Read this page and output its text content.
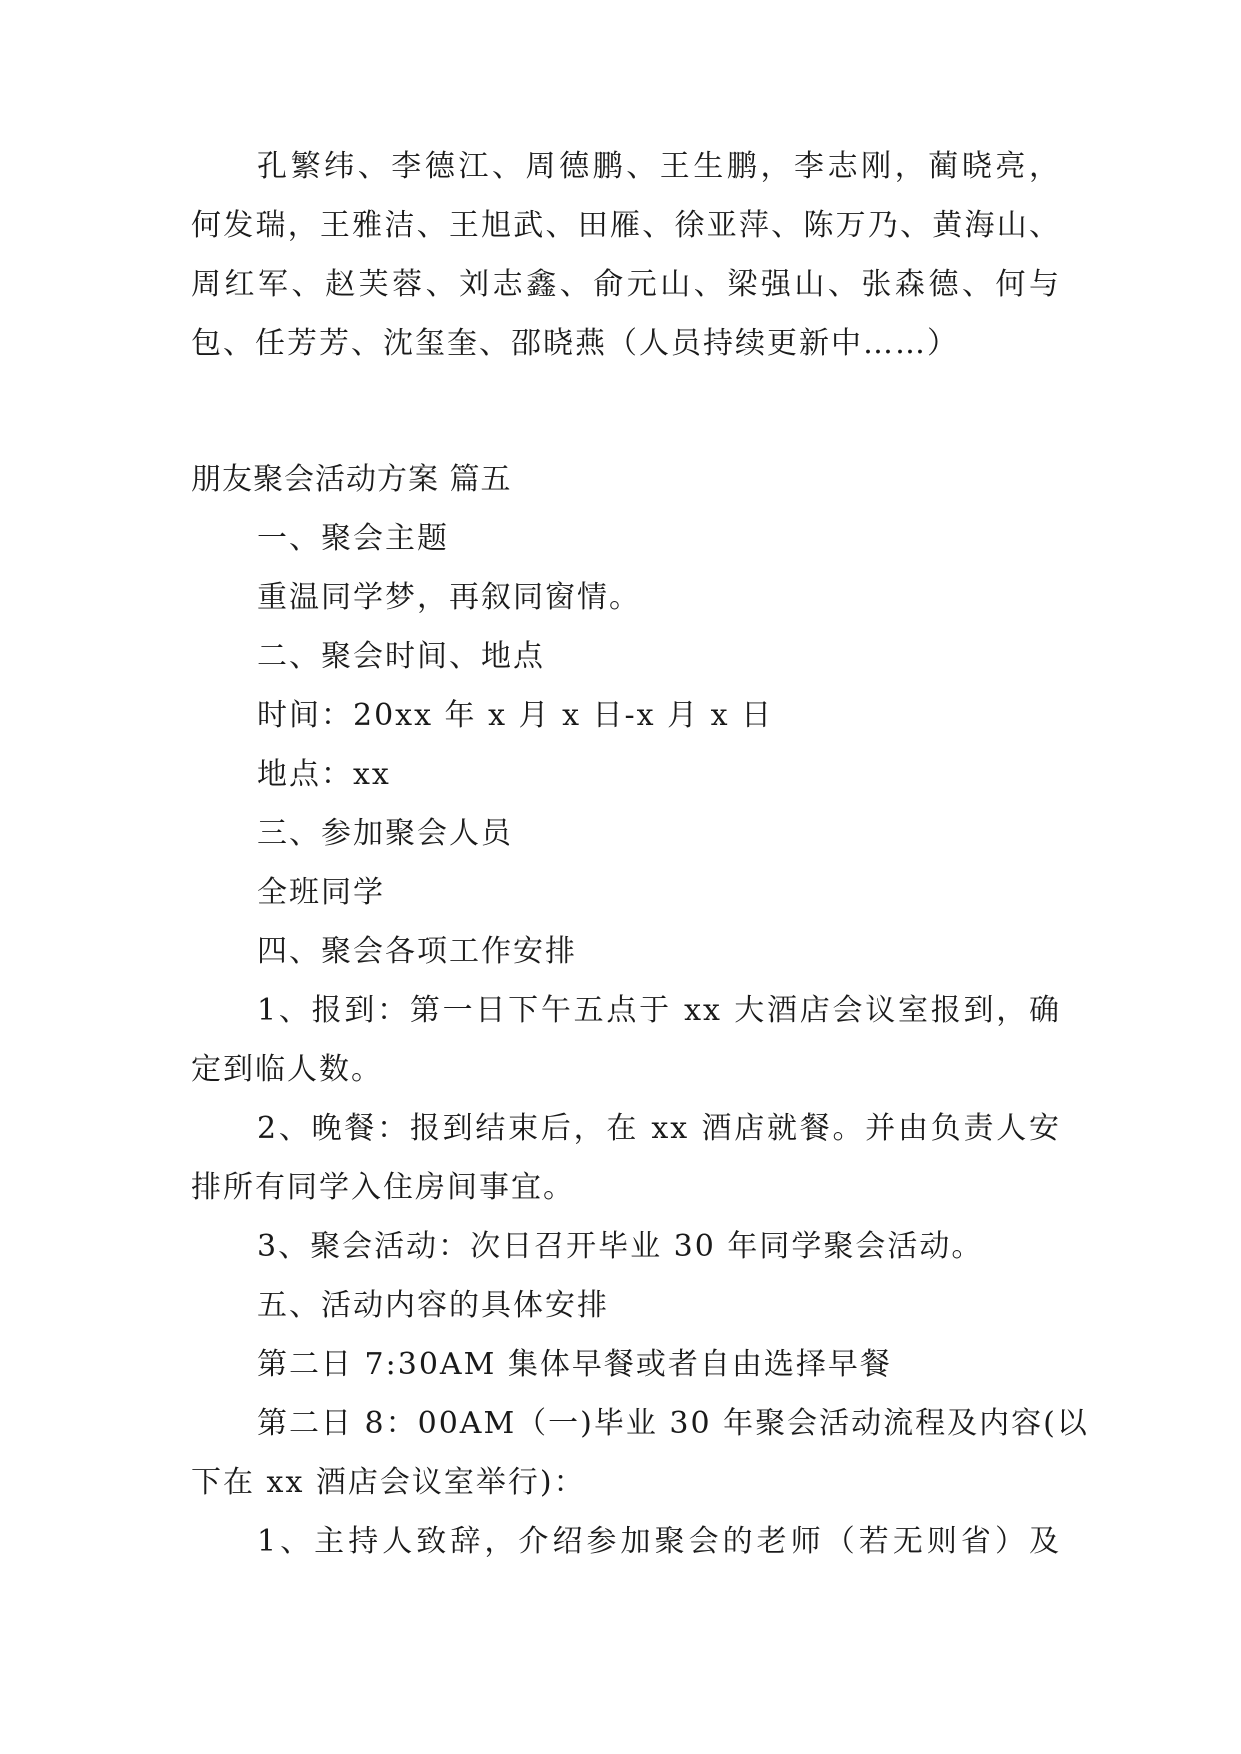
孔繁纬、李德江、周德鹏、王生鹏，李志刚，蔺晓亮，
何发瑞，王雅洁、王旭武、田雁、徐亚萍、陈万乃、黄海山、
周红军、赵芙蓉、刘志鑫、俞元山、梁强山、张森德、何与
包、任芳芳、沈玺奎、邵晓燕（人员持续更新中……）
朋友聚会活动方案 篇五
一、聚会主题
重温同学梦，再叙同窗情。
二、聚会时间、地点
时间：20xx 年 x 月 x 日-x 月 x 日
地点：xx
三、参加聚会人员
全班同学
四、聚会各项工作安排
1、报到：第一日下午五点于 xx 大酒店会议室报到，确
定到临人数。
2、晚餐：报到结束后，在 xx 酒店就餐。并由负责人安
排所有同学入住房间事宜。
3、聚会活动：次日召开毕业 30 年同学聚会活动。
五、活动内容的具体安排
第二日 7:30AM 集体早餐或者自由选择早餐
第二日 8：00AM（一)毕业 30 年聚会活动流程及内容(以
下在 xx 酒店会议室举行)：
1、主持人致辞，介绍参加聚会的老师（若无则省）及
